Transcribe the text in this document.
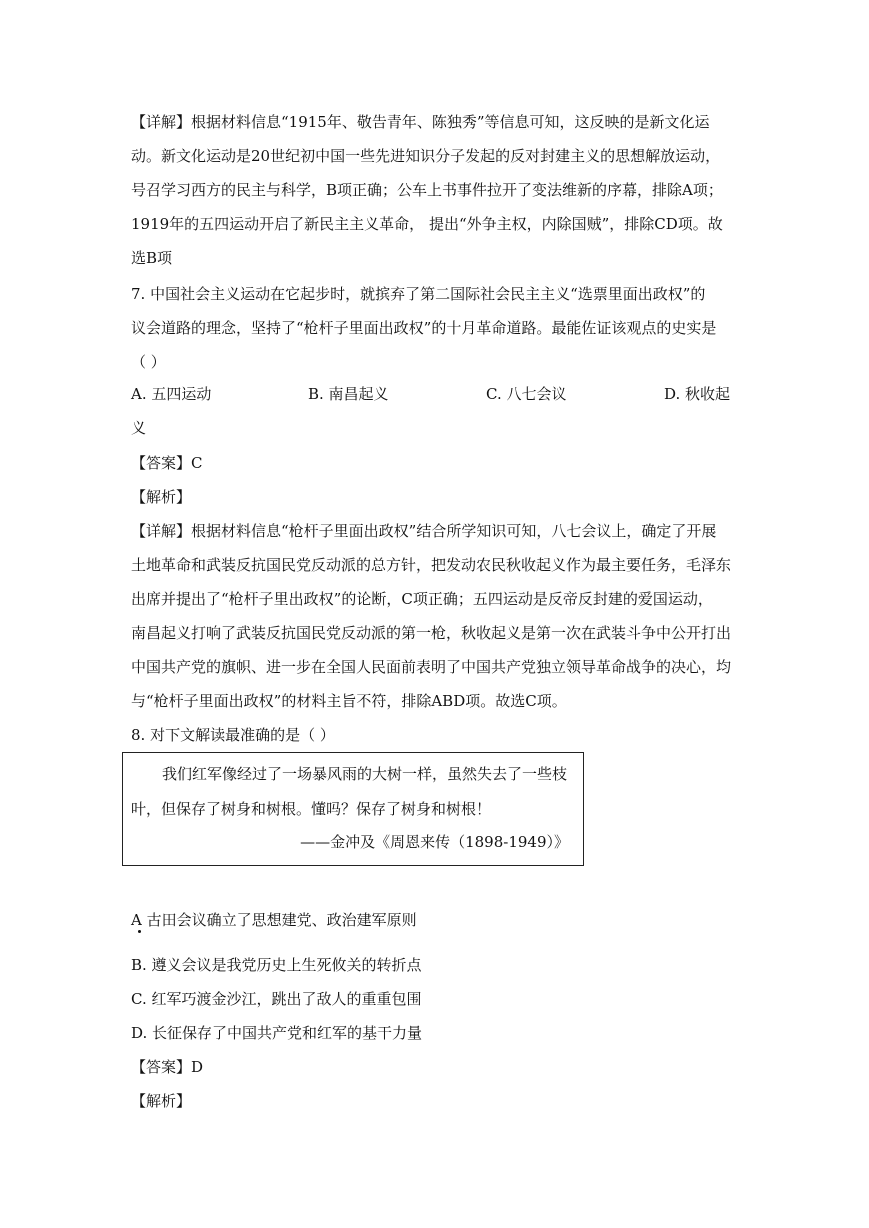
【详解】根据材料信息“1915年、敬告青年、陈独秀”等信息可知，这反映的是新文化运
动。新文化运动是20世纪初中国一些先进知识分子发起的反对封建主义的思想解放运动，
号召学习西方的民主与科学，B项正确；公车上书事件拉开了变法维新的序幕，排除A项；
1919年的五四运动开启了新民主主义革命， 提出“外争主权，内除国贼”，排除CD项。故
选B项
7. 中国社会主义运动在它起步时，就摈弃了第二国际社会民主主义“选票里面出政权”的
议会道路的理念，坚持了“枪杆子里面出政权”的十月革命道路。最能佐证该观点的史实是
（ ）
A. 五四运动	B. 南昌起义	C. 八七会议	D. 秋收起
义
【答案】C
【解析】
【详解】根据材料信息“枪杆子里面出政权”结合所学知识可知，八七会议上，确定了开展
土地革命和武装反抗国民党反动派的总方针，把发动农民秋收起义作为最主要任务，毛泽东
出席并提出了“枪杆子里出政权”的论断，C项正确；五四运动是反帝反封建的爱国运动，
南昌起义打响了武装反抗国民党反动派的第一枪，秋收起义是第一次在武装斗争中公开打出
中国共产党的旗帜、进一步在全国人民面前表明了中国共产党独立领导革命战争的决心，均
与“枪杆子里面出政权”的材料主旨不符，排除ABD项。故选C项。
8. 对下文解读最准确的是（ ）
我们红军像经过了一场暴风雨的大树一样，虽然失去了一些枝
叶，但保存了树身和树根。懂吗？保存了树身和树根！
——金冲及《周恩来传（1898-1949）》
A 古田会议确立了思想建党、政治建军原则
B. 遵义会议是我党历史上生死攸关的转折点
C. 红军巧渡金沙江，跳出了敌人的重重包围
D. 长征保存了中国共产党和红军的基干力量
【答案】D
【解析】
